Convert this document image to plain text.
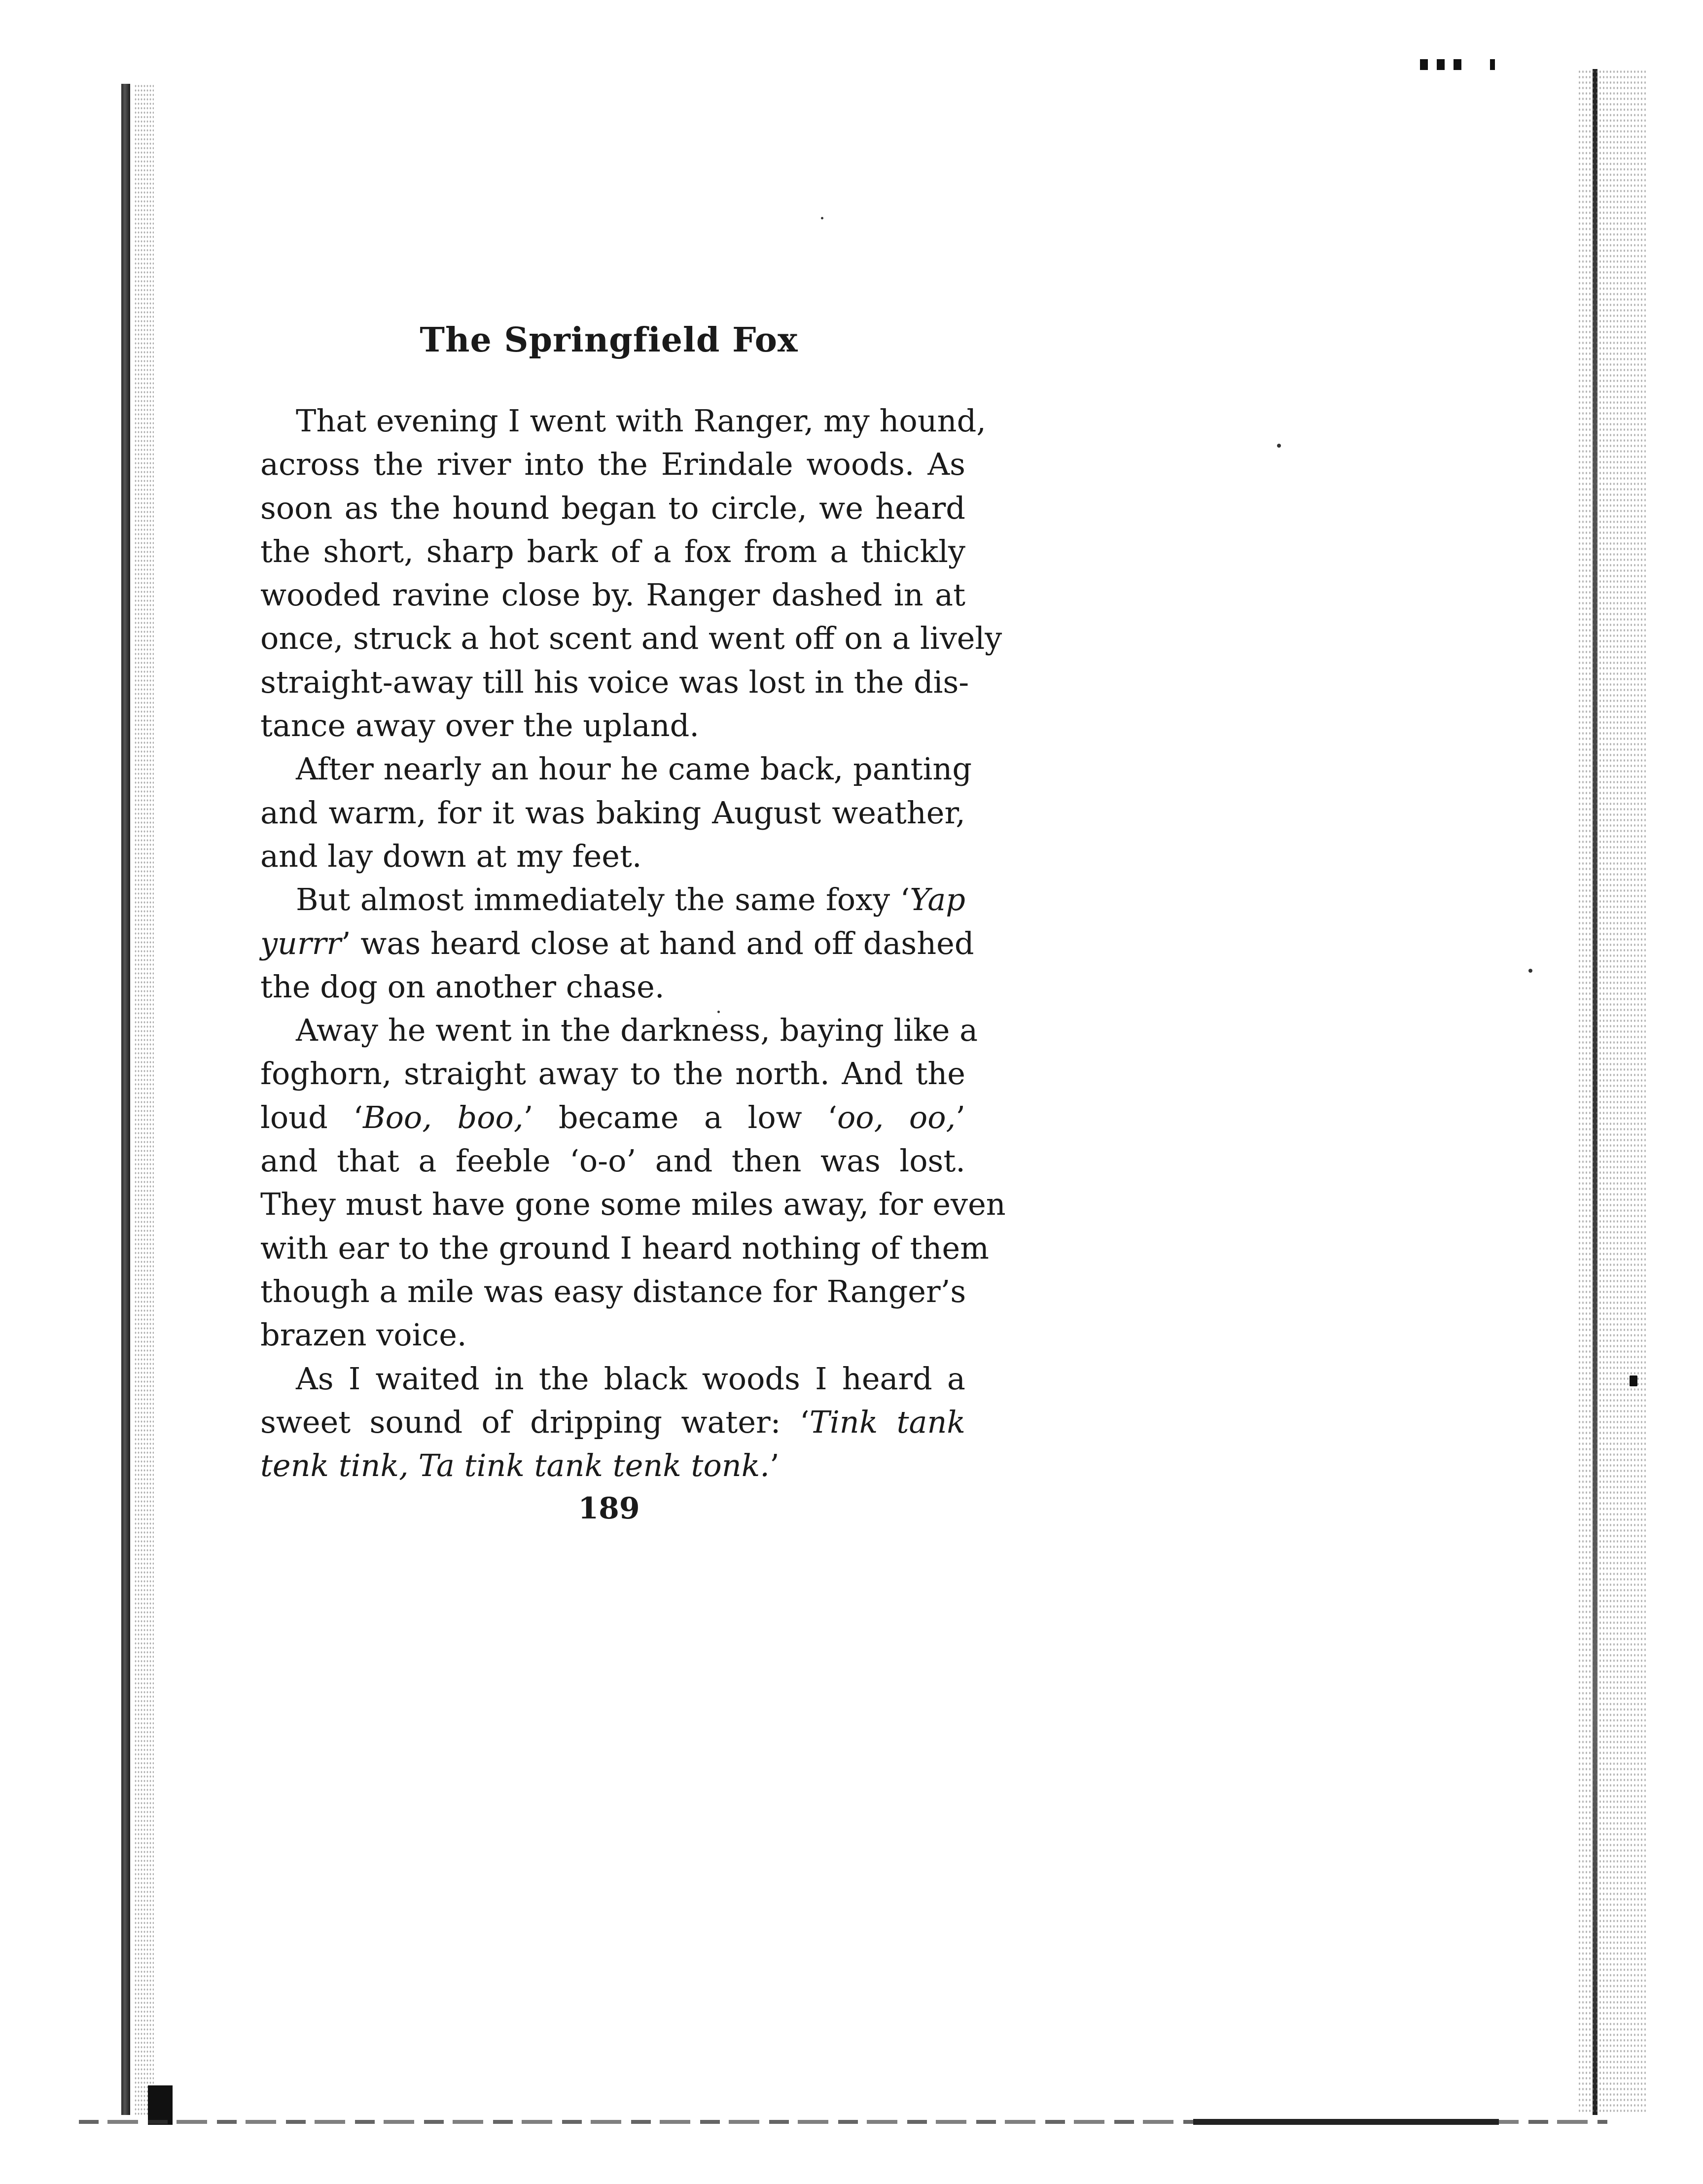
The Springfield Fox
That evening I went with Ranger, my hound,
across the river into the Erindale woods. As
soon as the hound began to circle, we heard
the short, sharp bark of a fox from a thickly
wooded ravine close by. Ranger dashed in at
once, struck a hot scent and went off on a lively
straight-away till his voice was lost in the dis-
tance away over the upland.
After nearly an hour he came back, panting
and warm, for it was baking August weather,
and lay down at my feet.
But almost immediately the same foxy ‘Yap
yurrr’ was heard close at hand and off dashed
the dog on another chase.
Away he went in the darkness, baying like a
foghorn, straight away to the north. And the
loud ‘Boo, boo,’ became a low ‘oo, oo,’
and that a feeble ‘o-o’ and then was lost.
They must have gone some miles away, for even
with ear to the ground I heard nothing of them
though a mile was easy distance for Ranger’s
brazen voice.
As I waited in the black woods I heard a
sweet sound of dripping water: ‘Tink tank
tenk tink, Ta tink tank tenk tonk.’
189
